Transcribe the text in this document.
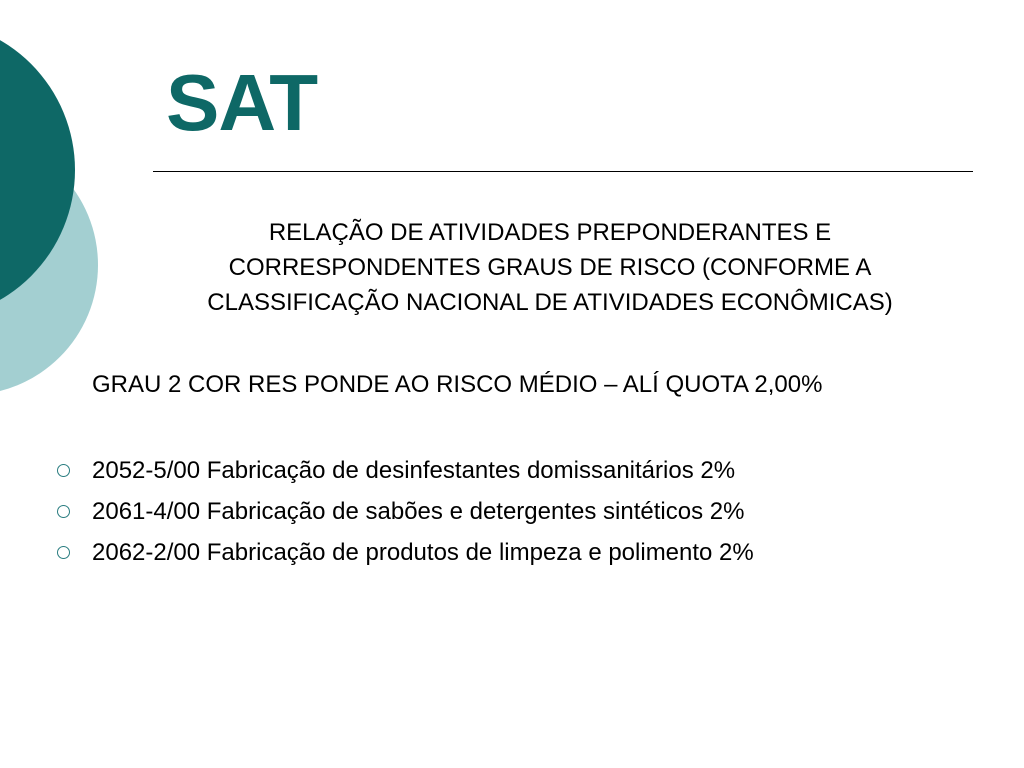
SAT

RELAÇÃO DE ATIVIDADES PREPONDERANTES E
CORRESPONDENTES GRAUS DE RISCO (CONFORME A
CLASSIFICAÇÃO NACIONAL DE ATIVIDADES ECONÔMICAS)

GRAU 2 COR RES PONDE AO RISCO MÉDIO – ALÍ QUOTA 2,00%

2052-5/00 Fabricação de desinfestantes domissanitários 2%
2061-4/00 Fabricação de sabões e detergentes sintéticos 2%
2062-2/00 Fabricação de produtos de limpeza e polimento 2%
